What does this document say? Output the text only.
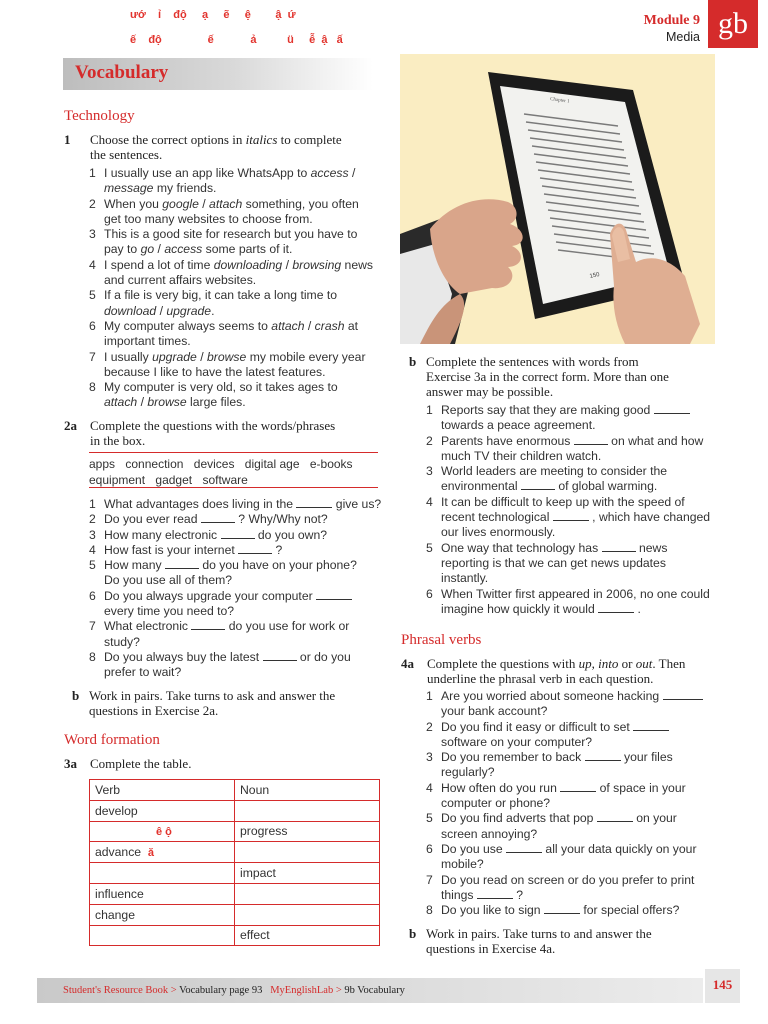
ướ    ỉ    độ     ạ     ẽ     ệ        ậ  ứ
ế    độ               ế            ả          ü     ễ  ậ   ấ
Module 9
Media gb
Vocabulary
Technology
1 Choose the correct options in italics to complete
the sentences.
1 I usually use an app like WhatsApp to access /
message my friends.
2 When you google / attach something, you often
get too many websites to choose from.
3 This is a good site for research but you have to
pay to go / access some parts of it.
4 I spend a lot of time downloading / browsing news
and current affairs websites.
5 If a file is very big, it can take a long time to
download / upgrade.
6 My computer always seems to attach / crash at
important times.
7 I usually upgrade / browse my mobile every year
because I like to have the latest features.
8 My computer is very old, so it takes ages to
attach / browse large files.
2a Complete the questions with the words/phrases
in the box.
apps connection devices digital age e-books
equipment gadget software
1 What advantages does living in the	give us?
2 Do you ever read	? Why/Why not?
3 How many electronic	do you own?
4 How fast is your internet	?
5 How many	do you have on your phone?
Do you use all of them?
6 Do you always upgrade your computer
every time you need to?
7 What electronic	do you use for work or
study?
8 Do you always buy the latest	or do you
prefer to wait?
b Work in pairs. Take turns to ask and answer the
questions in Exercise 2a.
Word formation
3a Complete the table.
Verb	Noun
develop	
ê ộ	progress
advance ă	
	impact
influence	
change	
	effect
Chapter 1
150
b Complete the sentences with words from
Exercise 3a in the correct form. More than one
answer may be possible.
1 Reports say that they are making good
towards a peace agreement.
2 Parents have enormous	on what and how
much TV their children watch.
3 World leaders are meeting to consider the
environmental	of global warming.
4 It can be difficult to keep up with the speed of
recent technological	, which have changed
our lives enormously.
5 One way that technology has	news
reporting is that we can get news updates
instantly.
6 When Twitter first appeared in 2006, no one could
imagine how quickly it would	.
Phrasal verbs
4a Complete the questions with up, into or out. Then
underline the phrasal verb in each question.
1 Are you worried about someone hacking
your bank account?
2 Do you find it easy or difficult to set
software on your computer?
3 Do you remember to back	your files
regularly?
4 How often do you run	of space in your
computer or phone?
5 Do you find adverts that pop	on your
screen annoying?
6 Do you use	all your data quickly on your
mobile?
7 Do you read on screen or do you prefer to print
things	?
8 Do you like to sign	for special offers?
b Work in pairs. Take turns to and answer the
questions in Exercise 4a.
Student's Resource Book > Vocabulary page 93 MyEnglishLab > 9b Vocabulary	145
